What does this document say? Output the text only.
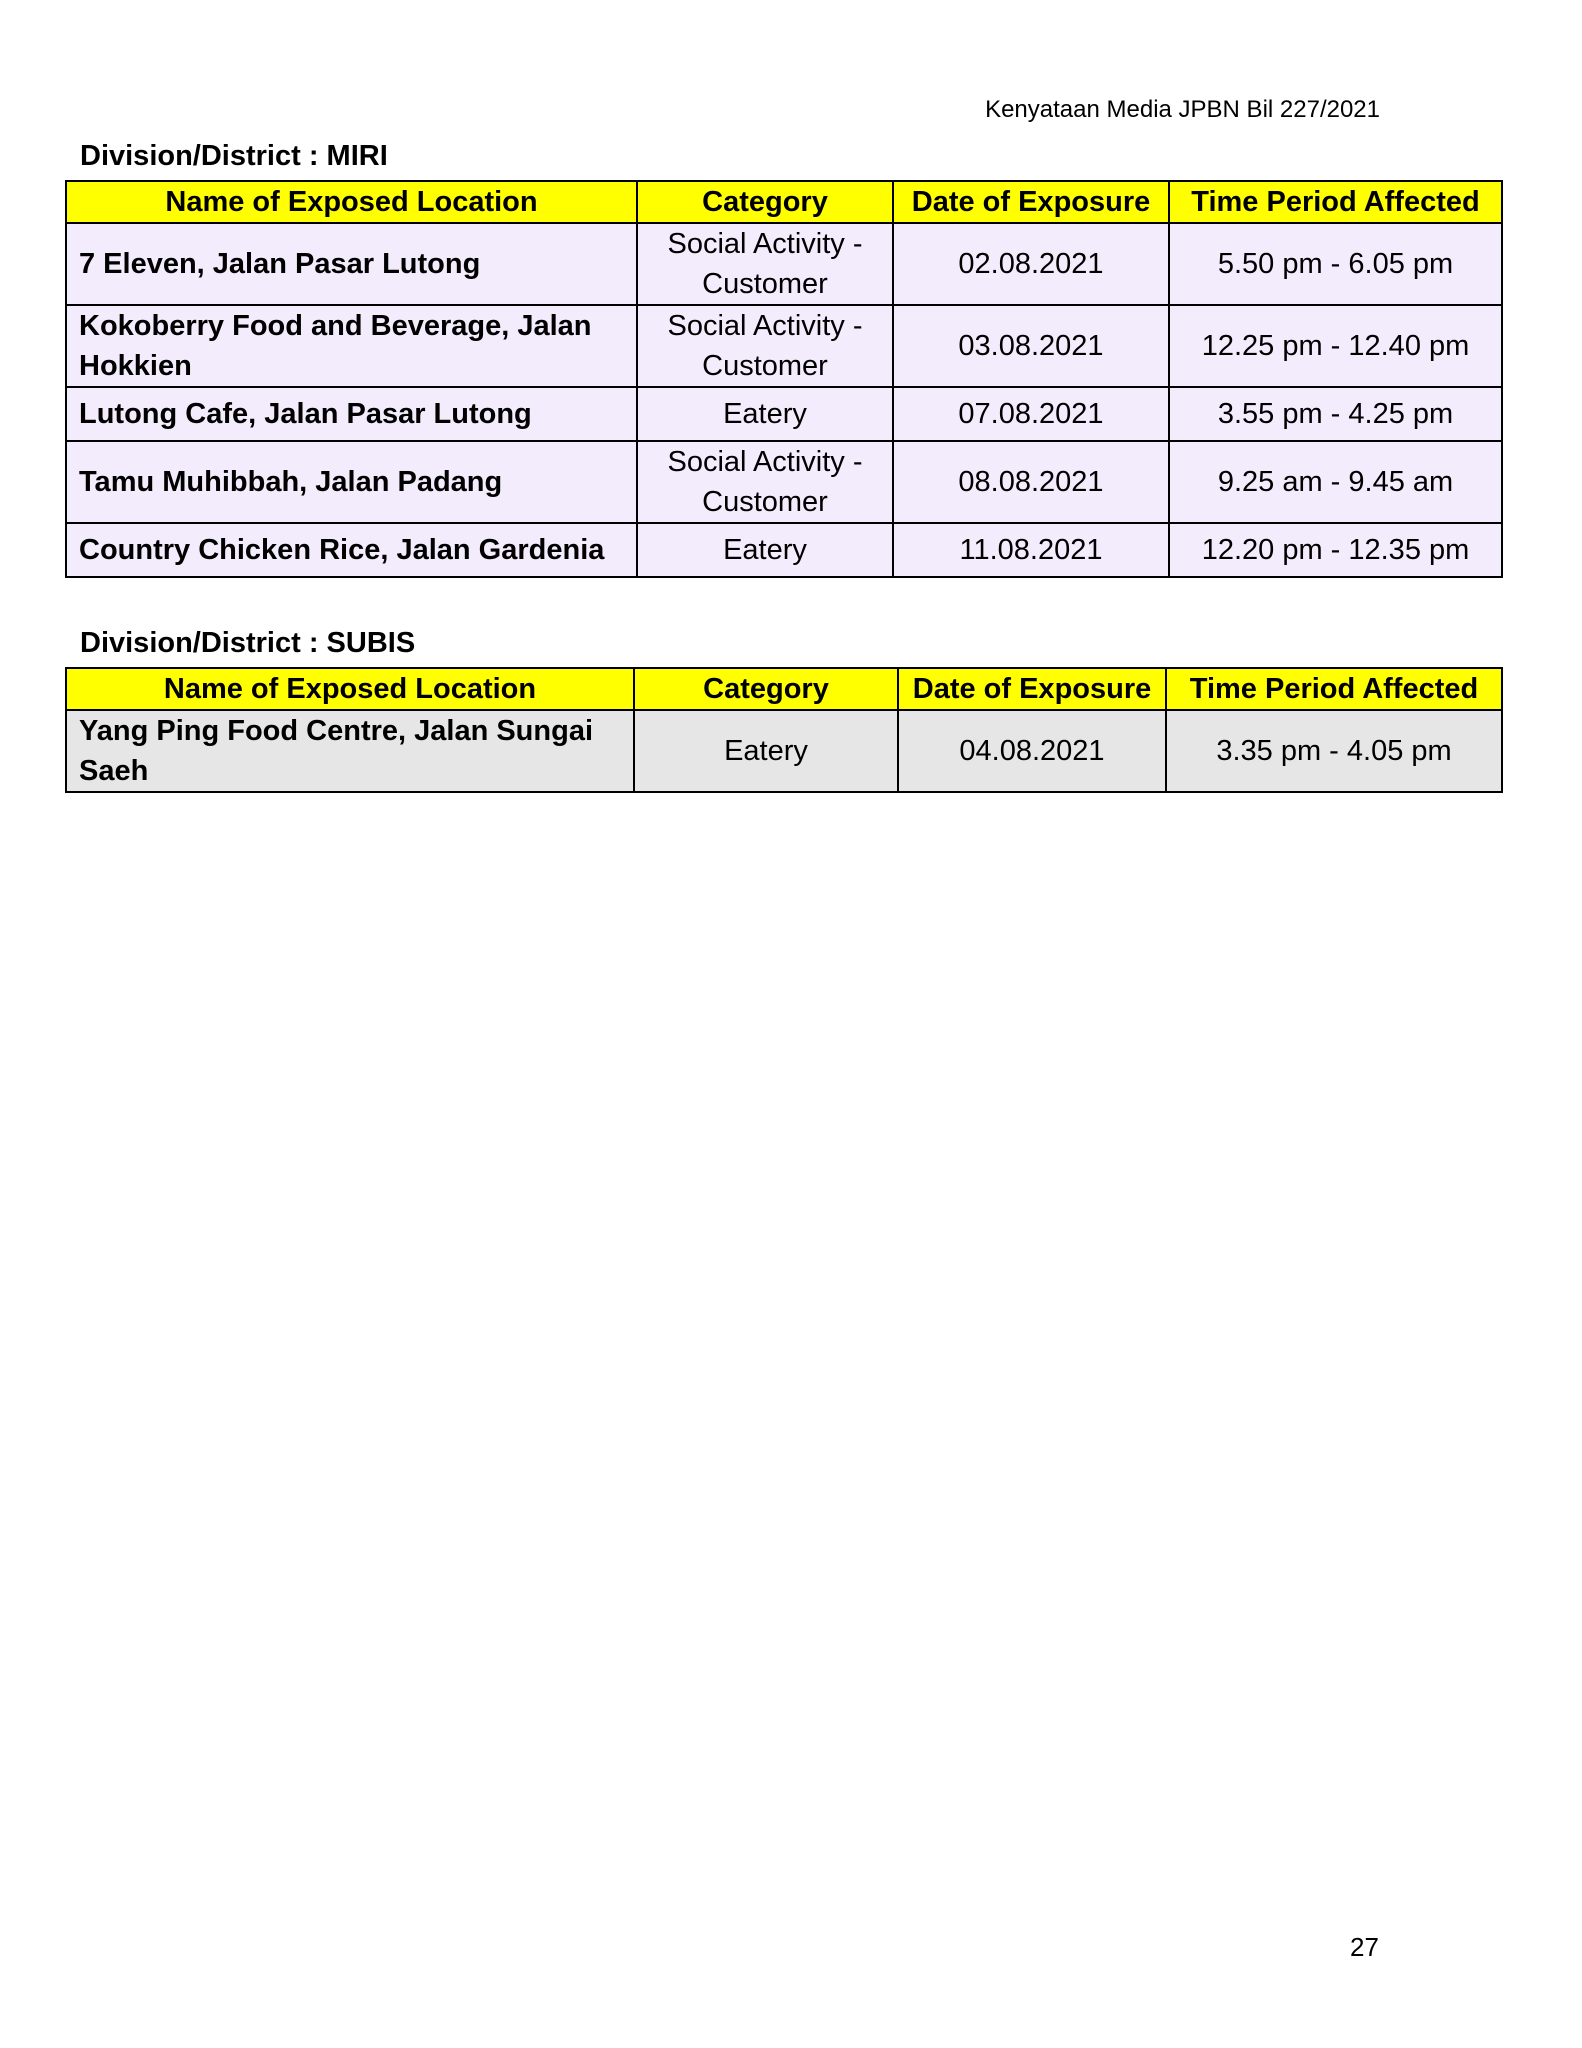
Kenyataan Media JPBN Bil 227/2021
Division/District : MIRI
Name of Exposed Location	Category	Date of Exposure	Time Period Affected
7 Eleven, Jalan Pasar Lutong	Social Activity - Customer	02.08.2021	5.50 pm - 6.05 pm
Kokoberry Food and Beverage, Jalan Hokkien	Social Activity - Customer	03.08.2021	12.25 pm - 12.40 pm
Lutong Cafe, Jalan Pasar Lutong	Eatery	07.08.2021	3.55 pm - 4.25 pm
Tamu Muhibbah, Jalan Padang	Social Activity - Customer	08.08.2021	9.25 am - 9.45 am
Country Chicken Rice, Jalan Gardenia	Eatery	11.08.2021	12.20 pm - 12.35 pm
Division/District : SUBIS
Name of Exposed Location	Category	Date of Exposure	Time Period Affected
Yang Ping Food Centre, Jalan Sungai Saeh	Eatery	04.08.2021	3.35 pm - 4.05 pm
27
